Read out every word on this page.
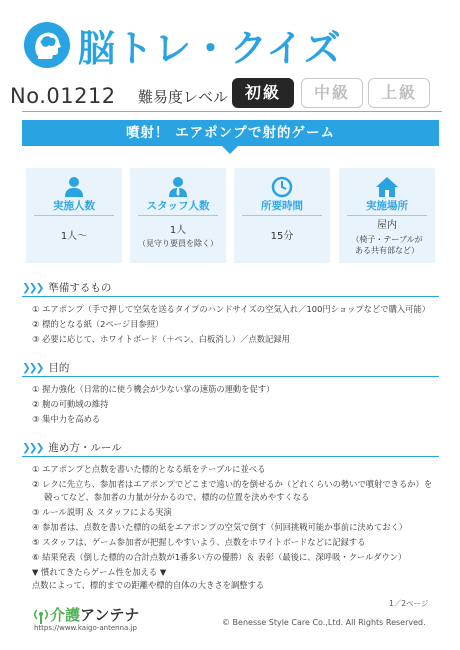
脳トレ・クイズ
No.01212 難易度レベル	初級	中級	上級
噴射！ エアポンプで射的ゲーム
実施人数
1人〜
スタッフ人数
1人
（見守り要員を除く）
所要時間
15分
実施場所
屋内
（椅子・テーブルが
ある共有部など）
❯❯❯ 準備するもの
① エアポンプ（手で押して空気を送るタイプのハンドサイズの空気入れ／100円ショップなどで購入可能）
② 標的となる紙（2ページ目参照）
③ 必要に応じて、ホワイトボード（＋ペン、白板消し）／点数記録用
❯❯❯ 目的
① 握力強化（日常的に使う機会が少ない掌の速筋の運動を促す）
② 腕の可動域の維持
③ 集中力を高める
❯❯❯ 進め方・ルール
① エアポンプと点数を書いた標的となる紙をテーブルに並べる
② レクに先立ち、参加者はエアポンプでどこまで遠い的を倒せるか（どれくらいの勢いで噴射できるか）を
競ってなど、参加者の力量が分かるので、標的の位置を決めやすくなる
③ ルール説明 ＆ スタッフによる実演
④ 参加者は、点数を書いた標的の紙をエアポンプの空気で倒す（何回挑戦可能か事前に決めておく）
⑤ スタッフは、ゲーム参加者が把握しやすいよう、点数をホワイトボードなどに記録する
⑥ 結果発表（倒した標的の合計点数が1番多い方の優勝）＆ 表彰（最後に、深呼吸・クールダウン）
▼ 慣れてきたらゲーム性を加える ▼
点数によって、標的までの距離や標的自体の大きさを調整する
1／2ページ
介護アンテナ
https://www.kaigo-antenna.jp
© Benesse Style Care Co.,Ltd. All Rights Reserved.
